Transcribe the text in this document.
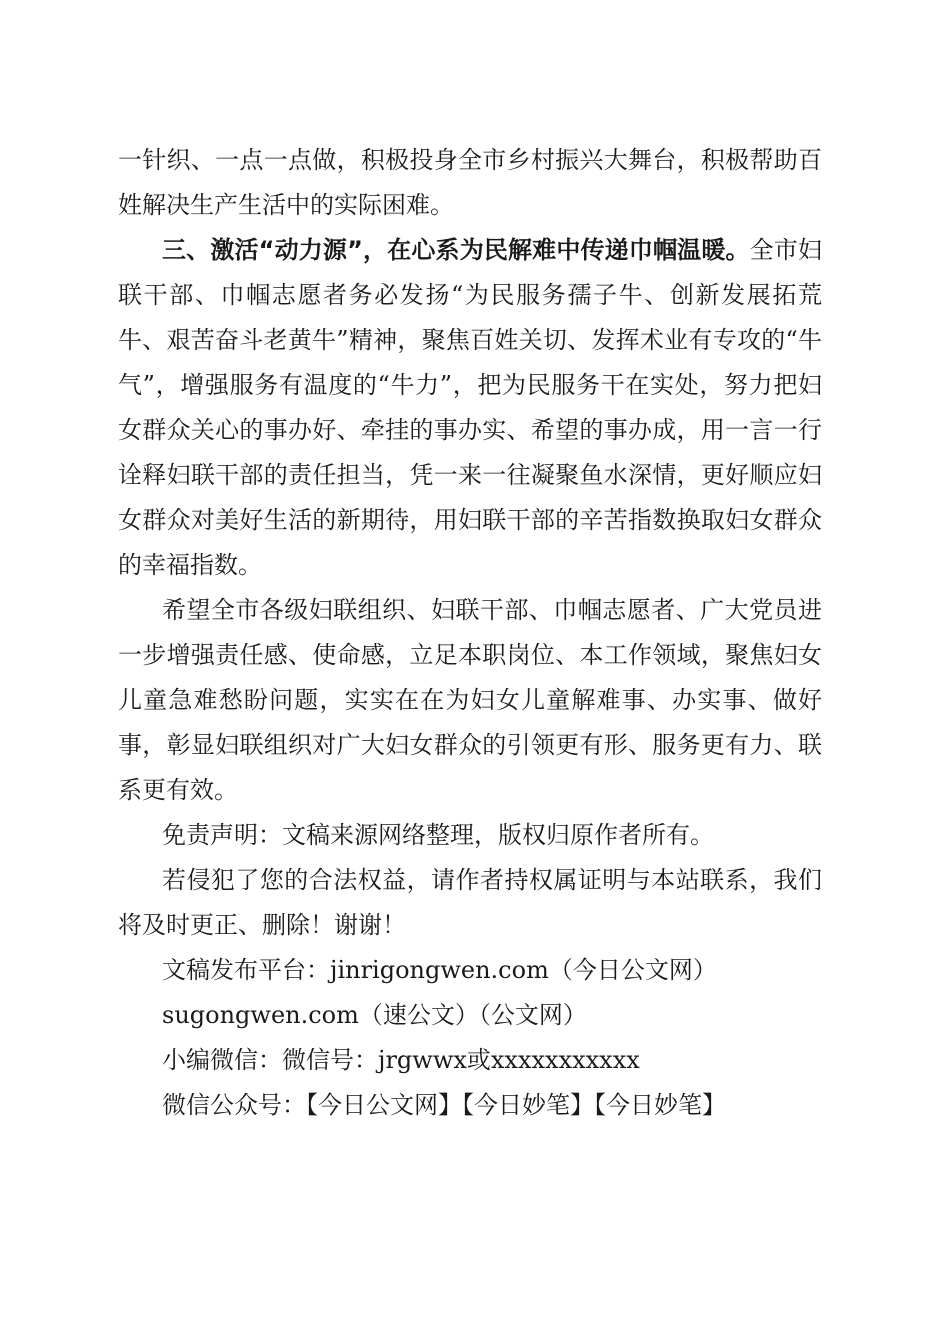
一针织、一点一点做，积极投身全市乡村振兴大舞台，积极帮助百姓解决生产生活中的实际困难。

三、激活“动力源”，在心系为民解难中传递巾帼温暖。全市妇联干部、巾帼志愿者务必发扬“为民服务孺子牛、创新发展拓荒牛、艰苦奋斗老黄牛”精神，聚焦百姓关切、发挥术业有专攻的“牛气”，增强服务有温度的“牛力”，把为民服务干在实处，努力把妇女群众关心的事办好、牵挂的事办实、希望的事办成，用一言一行诠释妇联干部的责任担当，凭一来一往凝聚鱼水深情，更好顺应妇女群众对美好生活的新期待，用妇联干部的辛苦指数换取妇女群众的幸福指数。

希望全市各级妇联组织、妇联干部、巾帼志愿者、广大党员进一步增强责任感、使命感，立足本职岗位、本工作领域，聚焦妇女儿童急难愁盼问题，实实在在为妇女儿童解难事、办实事、做好事，彰显妇联组织对广大妇女群众的引领更有形、服务更有力、联系更有效。

免责声明：文稿来源网络整理，版权归原作者所有。

若侵犯了您的合法权益，请作者持权属证明与本站联系，我们将及时更正、删除！谢谢！

文稿发布平台：jinrigongwen.com（今日公文网）

sugongwen.com（速公文）（公文网）

小编微信：微信号：jrgwwx或xxxxxxxxxxx

微信公众号：【今日公文网】【今日妙笔】【今日妙笔】
